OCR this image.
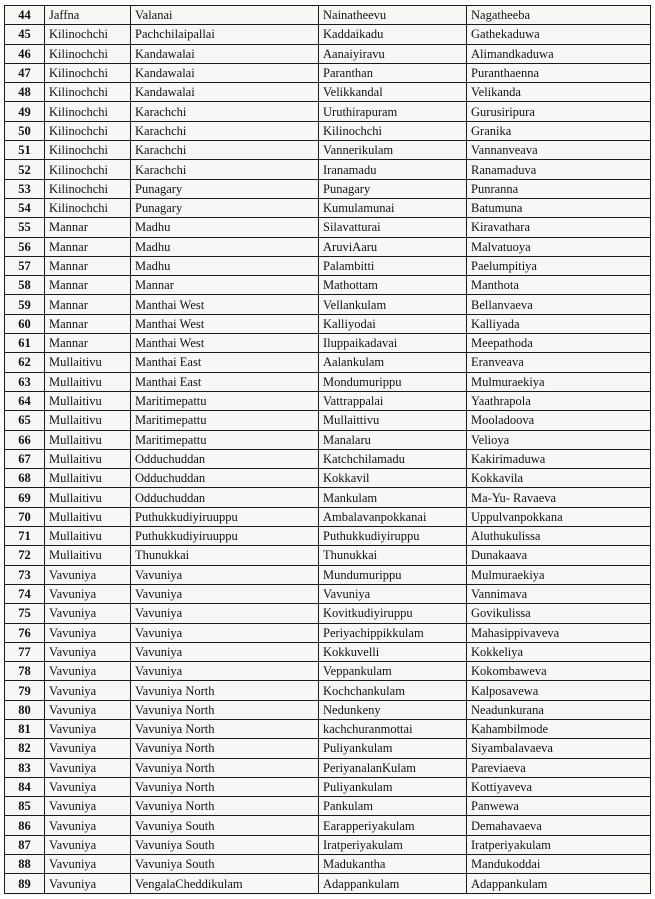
44	Jaffna	Valanai	Nainatheevu	Nagatheeba
45	Kilinochchi	Pachchilaipallai	Kaddaikadu	Gathekaduwa
46	Kilinochchi	Kandawalai	Aanaiyiravu	Alimandkaduwa
47	Kilinochchi	Kandawalai	Paranthan	Puranthaenna
48	Kilinochchi	Kandawalai	Velikkandal	Velikanda
49	Kilinochchi	Karachchi	Uruthirapuram	Gurusiripura
50	Kilinochchi	Karachchi	Kilinochchi	Granika
51	Kilinochchi	Karachchi	Vannerikulam	Vannanveava
52	Kilinochchi	Karachchi	Iranamadu	Ranamaduva
53	Kilinochchi	Punagary	Punagary	Punranna
54	Kilinochchi	Punagary	Kumulamunai	Batumuna
55	Mannar	Madhu	Silavatturai	Kiravathara
56	Mannar	Madhu	AruviAaru	Malvatuoya
57	Mannar	Madhu	Palambitti	Paelumpitiya
58	Mannar	Mannar	Mathottam	Manthota
59	Mannar	Manthai West	Vellankulam	Bellanvaeva
60	Mannar	Manthai West	Kalliyodai	Kalliyada
61	Mannar	Manthai West	Iluppaikadavai	Meepathoda
62	Mullaitivu	Manthai East	Aalankulam	Eranveava
63	Mullaitivu	Manthai East	Mondumurippu	Mulmuraekiya
64	Mullaitivu	Maritimepattu	Vattrappalai	Yaathrapola
65	Mullaitivu	Maritimepattu	Mullaittivu	Mooladoova
66	Mullaitivu	Maritimepattu	Manalaru	Velioya
67	Mullaitivu	Odduchuddan	Katchchilamadu	Kakirimaduwa
68	Mullaitivu	Odduchuddan	Kokkavil	Kokkavila
69	Mullaitivu	Odduchuddan	Mankulam	Ma-Yu- Ravaeva
70	Mullaitivu	Puthukkudiyiruuppu	Ambalavanpokkanai	Uppulvanpokkana
71	Mullaitivu	Puthukkudiyiruuppu	Puthukkudiyiruppu	Aluthukulissa
72	Mullaitivu	Thunukkai	Thunukkai	Dunakaava
73	Vavuniya	Vavuniya	Mundumurippu	Mulmuraekiya
74	Vavuniya	Vavuniya	Vavuniya	Vannimava
75	Vavuniya	Vavuniya	Kovitkudiyiruppu	Govikulissa
76	Vavuniya	Vavuniya	Periyachippikkulam	Mahasippivaveva
77	Vavuniya	Vavuniya	Kokkuvelli	Kokkeliya
78	Vavuniya	Vavuniya	Veppankulam	Kokombaweva
79	Vavuniya	Vavuniya North	Kochchankulam	Kalposavewa
80	Vavuniya	Vavuniya North	Nedunkeny	Neadunkurana
81	Vavuniya	Vavuniya North	kachchuranmottai	Kahambilmode
82	Vavuniya	Vavuniya North	Puliyankulam	Siyambalavaeva
83	Vavuniya	Vavuniya North	PeriyanalanKulam	Pareviaeva
84	Vavuniya	Vavuniya North	Puliyankulam	Kottiyaveva
85	Vavuniya	Vavuniya North	Pankulam	Panwewa
86	Vavuniya	Vavuniya South	Earapperiyakulam	Demahavaeva
87	Vavuniya	Vavuniya South	Iratperiyakulam	Iratperiyakulam
88	Vavuniya	Vavuniya South	Madukantha	Mandukoddai
89	Vavuniya	VengalaCheddikulam	Adappankulam	Adappankulam
